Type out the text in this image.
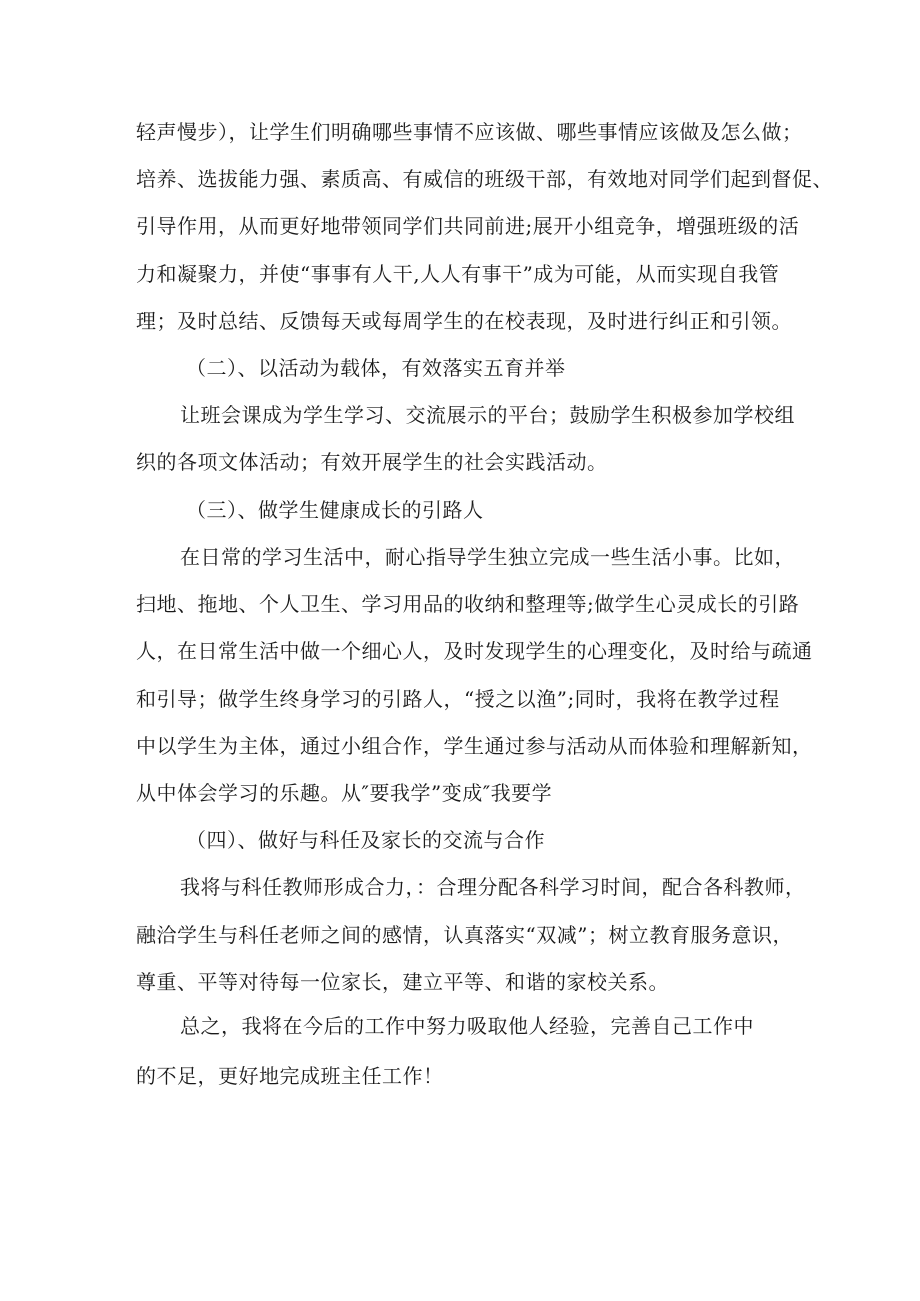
轻声慢步），让学生们明确哪些事情不应该做、哪些事情应该做及怎么做；
培养、选拔能力强、素质高、有威信的班级干部，有效地对同学们起到督促、
引导作用，从而更好地带领同学们共同前进;展开小组竞争，增强班级的活
力和凝聚力，并使“事事有人干,人人有事干”成为可能，从而实现自我管
理；及时总结、反馈每天或每周学生的在校表现，及时进行纠正和引领。
（二）、以活动为载体，有效落实五育并举
让班会课成为学生学习、交流展示的平台；鼓励学生积极参加学校组
织的各项文体活动；有效开展学生的社会实践活动。
（三）、做学生健康成长的引路人
在日常的学习生活中，耐心指导学生独立完成一些生活小事。比如，
扫地、拖地、个人卫生、学习用品的收纳和整理等;做学生心灵成长的引路
人，在日常生活中做一个细心人，及时发现学生的心理变化，及时给与疏通
和引导；做学生终身学习的引路人，“授之以渔”;同时，我将在教学过程
中以学生为主体，通过小组合作，学生通过参与活动从而体验和理解新知，
从中体会学习的乐趣。从″要我学”变成″我要学
（四）、做好与科任及家长的交流与合作
我将与科任教师形成合力，：合理分配各科学习时间，配合各科教师，
融洽学生与科任老师之间的感情，认真落实“双减”；树立教育服务意识，
尊重、平等对待每一位家长，建立平等、和谐的家校关系。
总之，我将在今后的工作中努力吸取他人经验，完善自己工作中
的不足，更好地完成班主任工作！
